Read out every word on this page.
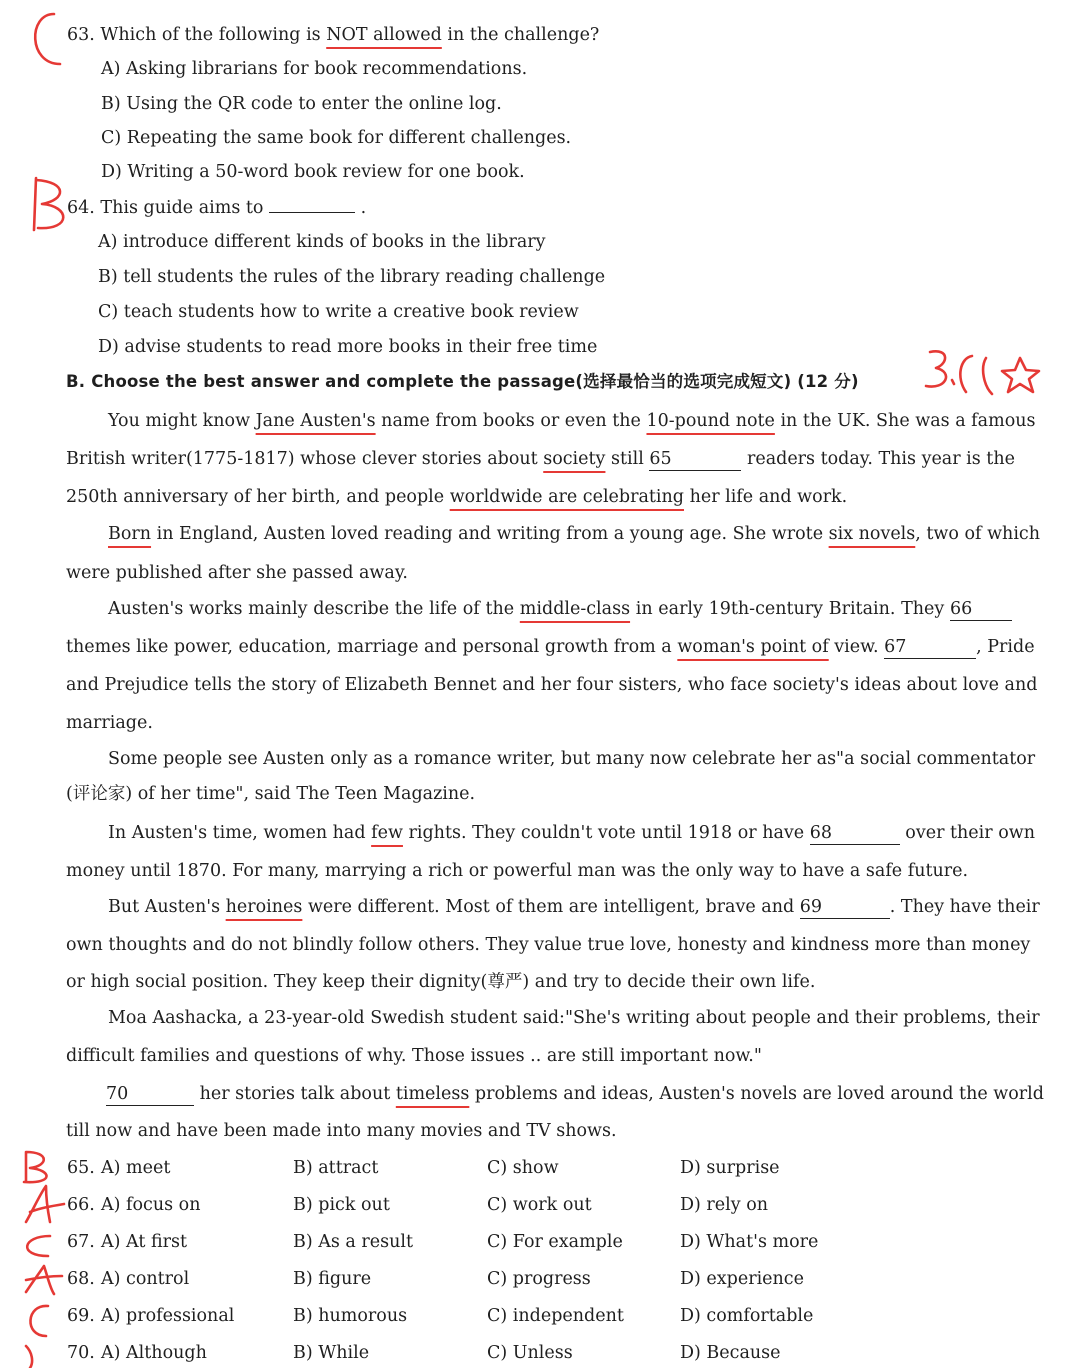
63. Which of the following is NOT allowed in the challenge?
A) Asking librarians for book recommendations.
B) Using the QR code to enter the online log.
C) Repeating the same book for different challenges.
D) Writing a 50-word book review for one book.
64. This guide aims to	.
A) introduce different kinds of books in the library
B) tell students the rules of the library reading challenge
C) teach students how to write a creative book review
D) advise students to read more books in their free time
B. Choose the best answer and complete the passage(选择最恰当的选项完成短文) (12 分)
You might know Jane Austen's name from books or even the 10-pound note in the UK. She was a famous
British writer(1775-1817) whose clever stories about society still 65	readers today. This year is the
250th anniversary of her birth, and people worldwide are celebrating her life and work.
Born in England, Austen loved reading and writing from a young age. She wrote six novels, two of which
were published after she passed away.
Austen's works mainly describe the life of the middle-class in early 19th-century Britain. They 66
themes like power, education, marriage and personal growth from a woman's point of view. 67	, Pride
and Prejudice tells the story of Elizabeth Bennet and her four sisters, who face society's ideas about love and
marriage.
Some people see Austen only as a romance writer, but many now celebrate her as"a social commentator
(评论家) of her time", said The Teen Magazine.
In Austen's time, women had few rights. They couldn't vote until 1918 or have 68	over their own
money until 1870. For many, marrying a rich or powerful man was the only way to have a safe future.
But Austen's heroines were different. Most of them are intelligent, brave and 69	. They have their
own thoughts and do not blindly follow others. They value true love, honesty and kindness more than money
or high social position. They keep their dignity(尊严) and try to decide their own life.
Moa Aashacka, a 23-year-old Swedish student said:"She's writing about people and their problems, their
difficult families and questions of why. Those issues .. are still important now."
70	her stories talk about timeless problems and ideas, Austen's novels are loved around the world
till now and have been made into many movies and TV shows.
65. A) meet	B) attract	C) show	D) surprise
66. A) focus on	B) pick out	C) work out	D) rely on
67. A) At first	B) As a result	C) For example	D) What's more
68. A) control	B) figure	C) progress	D) experience
69. A) professional	B) humorous	C) independent	D) comfortable
70. A) Although	B) While	C) Unless	D) Because
